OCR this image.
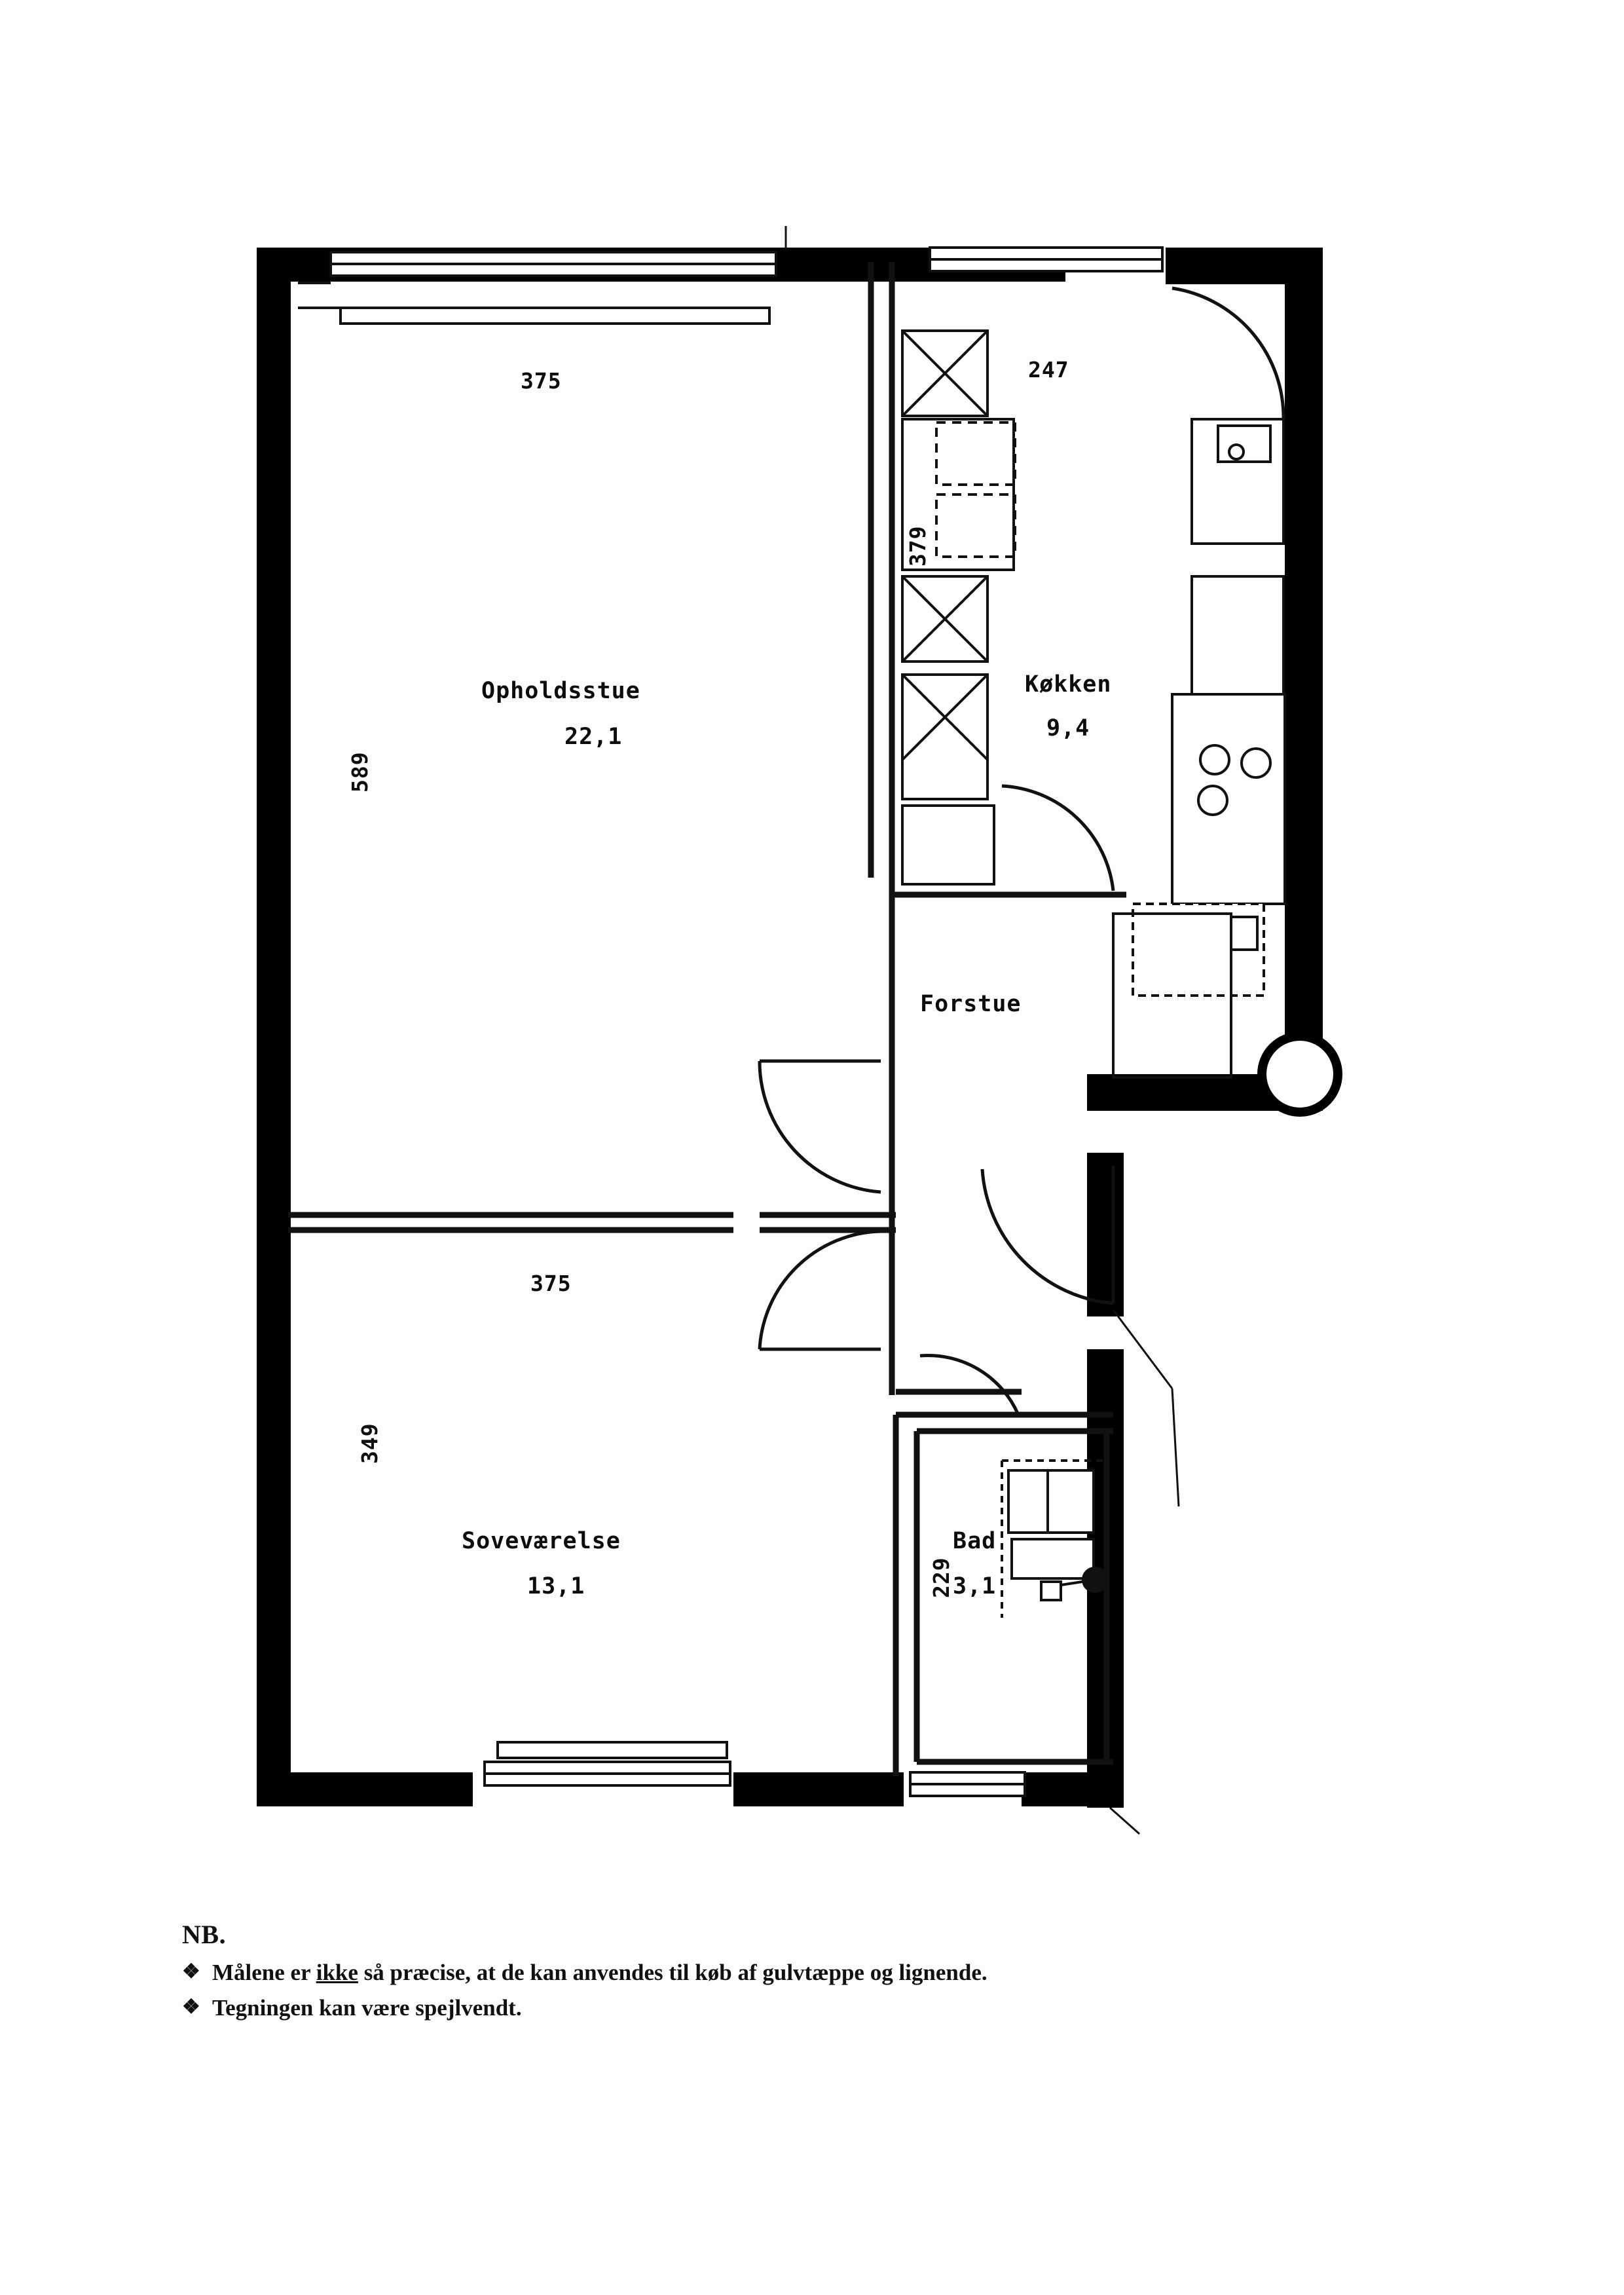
Opholdsstue
22,1
Køkken
9,4
Forstue
Soveværelse
13,1
Bad
3,1
375	247
589
379
375
349
229
NB.
❖ Målene er ikke så præcise, at de kan anvendes til køb af gulvtæppe og lignende.
❖ Tegningen kan være spejlvendt.
